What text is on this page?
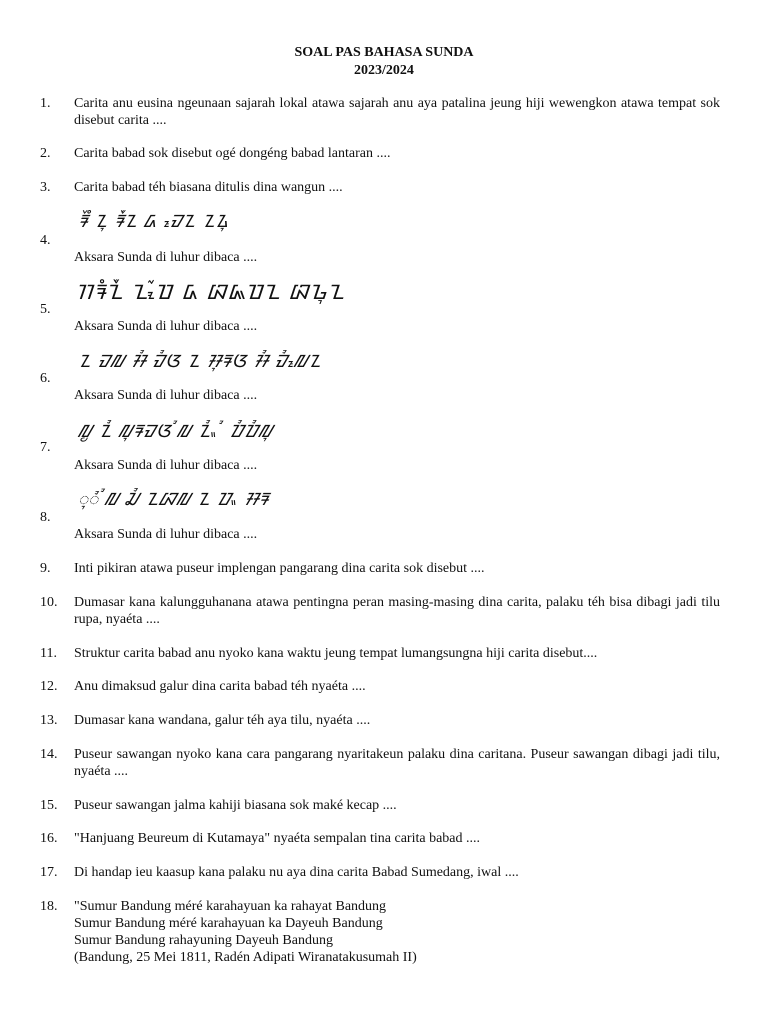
SOAL PAS BAHASA SUNDA
2023/2024
1.	Carita anu eusina ngeunaan sajarah lokal atawa sajarah anu aya patalina jeung hiji wewengkon atawa tempat sok disebut carita ....
2.	Carita babad sok disebut ogé dongéng babad lantaran ....
3.	Carita babad téh biasana ditulis dina wangun ....
ᮛᮨᮀ ᮔᮥ ᮛᮩᮔ ᮓ ᮙᮦᮔ ᮔᮍᮥ
4.
Aksara Sunda di luhur dibaca ....
ᮊᮛᮀᮔᮩ ᮔᮧᮁᮕ ᮓ ᮘᮏᮕᮔ ᮘᮌᮥᮔ
5.
Aksara Sunda di luhur dibaca ....
ᮔ ᮙᮜ ᮞᮤ ᮙᮤᮃ ᮔ ᮞᮥᮛᮃ ᮞᮤ ᮙᮤᮜᮦᮔ
6.
Aksara Sunda di luhur dibaca ....
ᮜᮬ ᮔᮤ ᮜᮥᮛᮙᮃ ᮤᮜ ᮔᮤᮂ ᮤ ᮕᮤᮕᮤᮜᮥ
7.
Aksara Sunda di luhur dibaca ....
ᮥᮤ ᮤᮜ ᮎᮤ ᮔᮘᮜ ᮔ ᮕᮂ ᮞᮛ
8.
Aksara Sunda di luhur dibaca ....
9.	Inti pikiran atawa puseur implengan pangarang dina carita sok disebut ....
10.	Dumasar kana kalungguhanana atawa pentingna peran masing-masing dina carita, palaku téh bisa dibagi jadi tilu rupa, nyaéta ....
11.	Struktur carita babad anu nyoko kana waktu jeung tempat lumangsungna hiji carita disebut....
12.	Anu dimaksud galur dina carita babad téh nyaéta ....
13.	Dumasar kana wandana, galur téh aya tilu, nyaéta ....
14.	Puseur sawangan nyoko kana cara pangarang nyaritakeun palaku dina caritana. Puseur sawangan dibagi jadi tilu, nyaéta ....
15.	Puseur sawangan jalma kahiji biasana sok maké kecap ....
16.	"Hanjuang Beureum di Kutamaya" nyaéta sempalan tina carita babad ....
17.	Di handap ieu kaasup kana palaku nu aya dina carita Babad Sumedang, iwal ....
18.	"Sumur Bandung méré karahayuan ka rahayat Bandung
Sumur Bandung méré karahayuan ka Dayeuh Bandung
Sumur Bandung rahayuning Dayeuh Bandung
(Bandung, 25 Mei 1811, Radén Adipati Wiranatakusumah II)
